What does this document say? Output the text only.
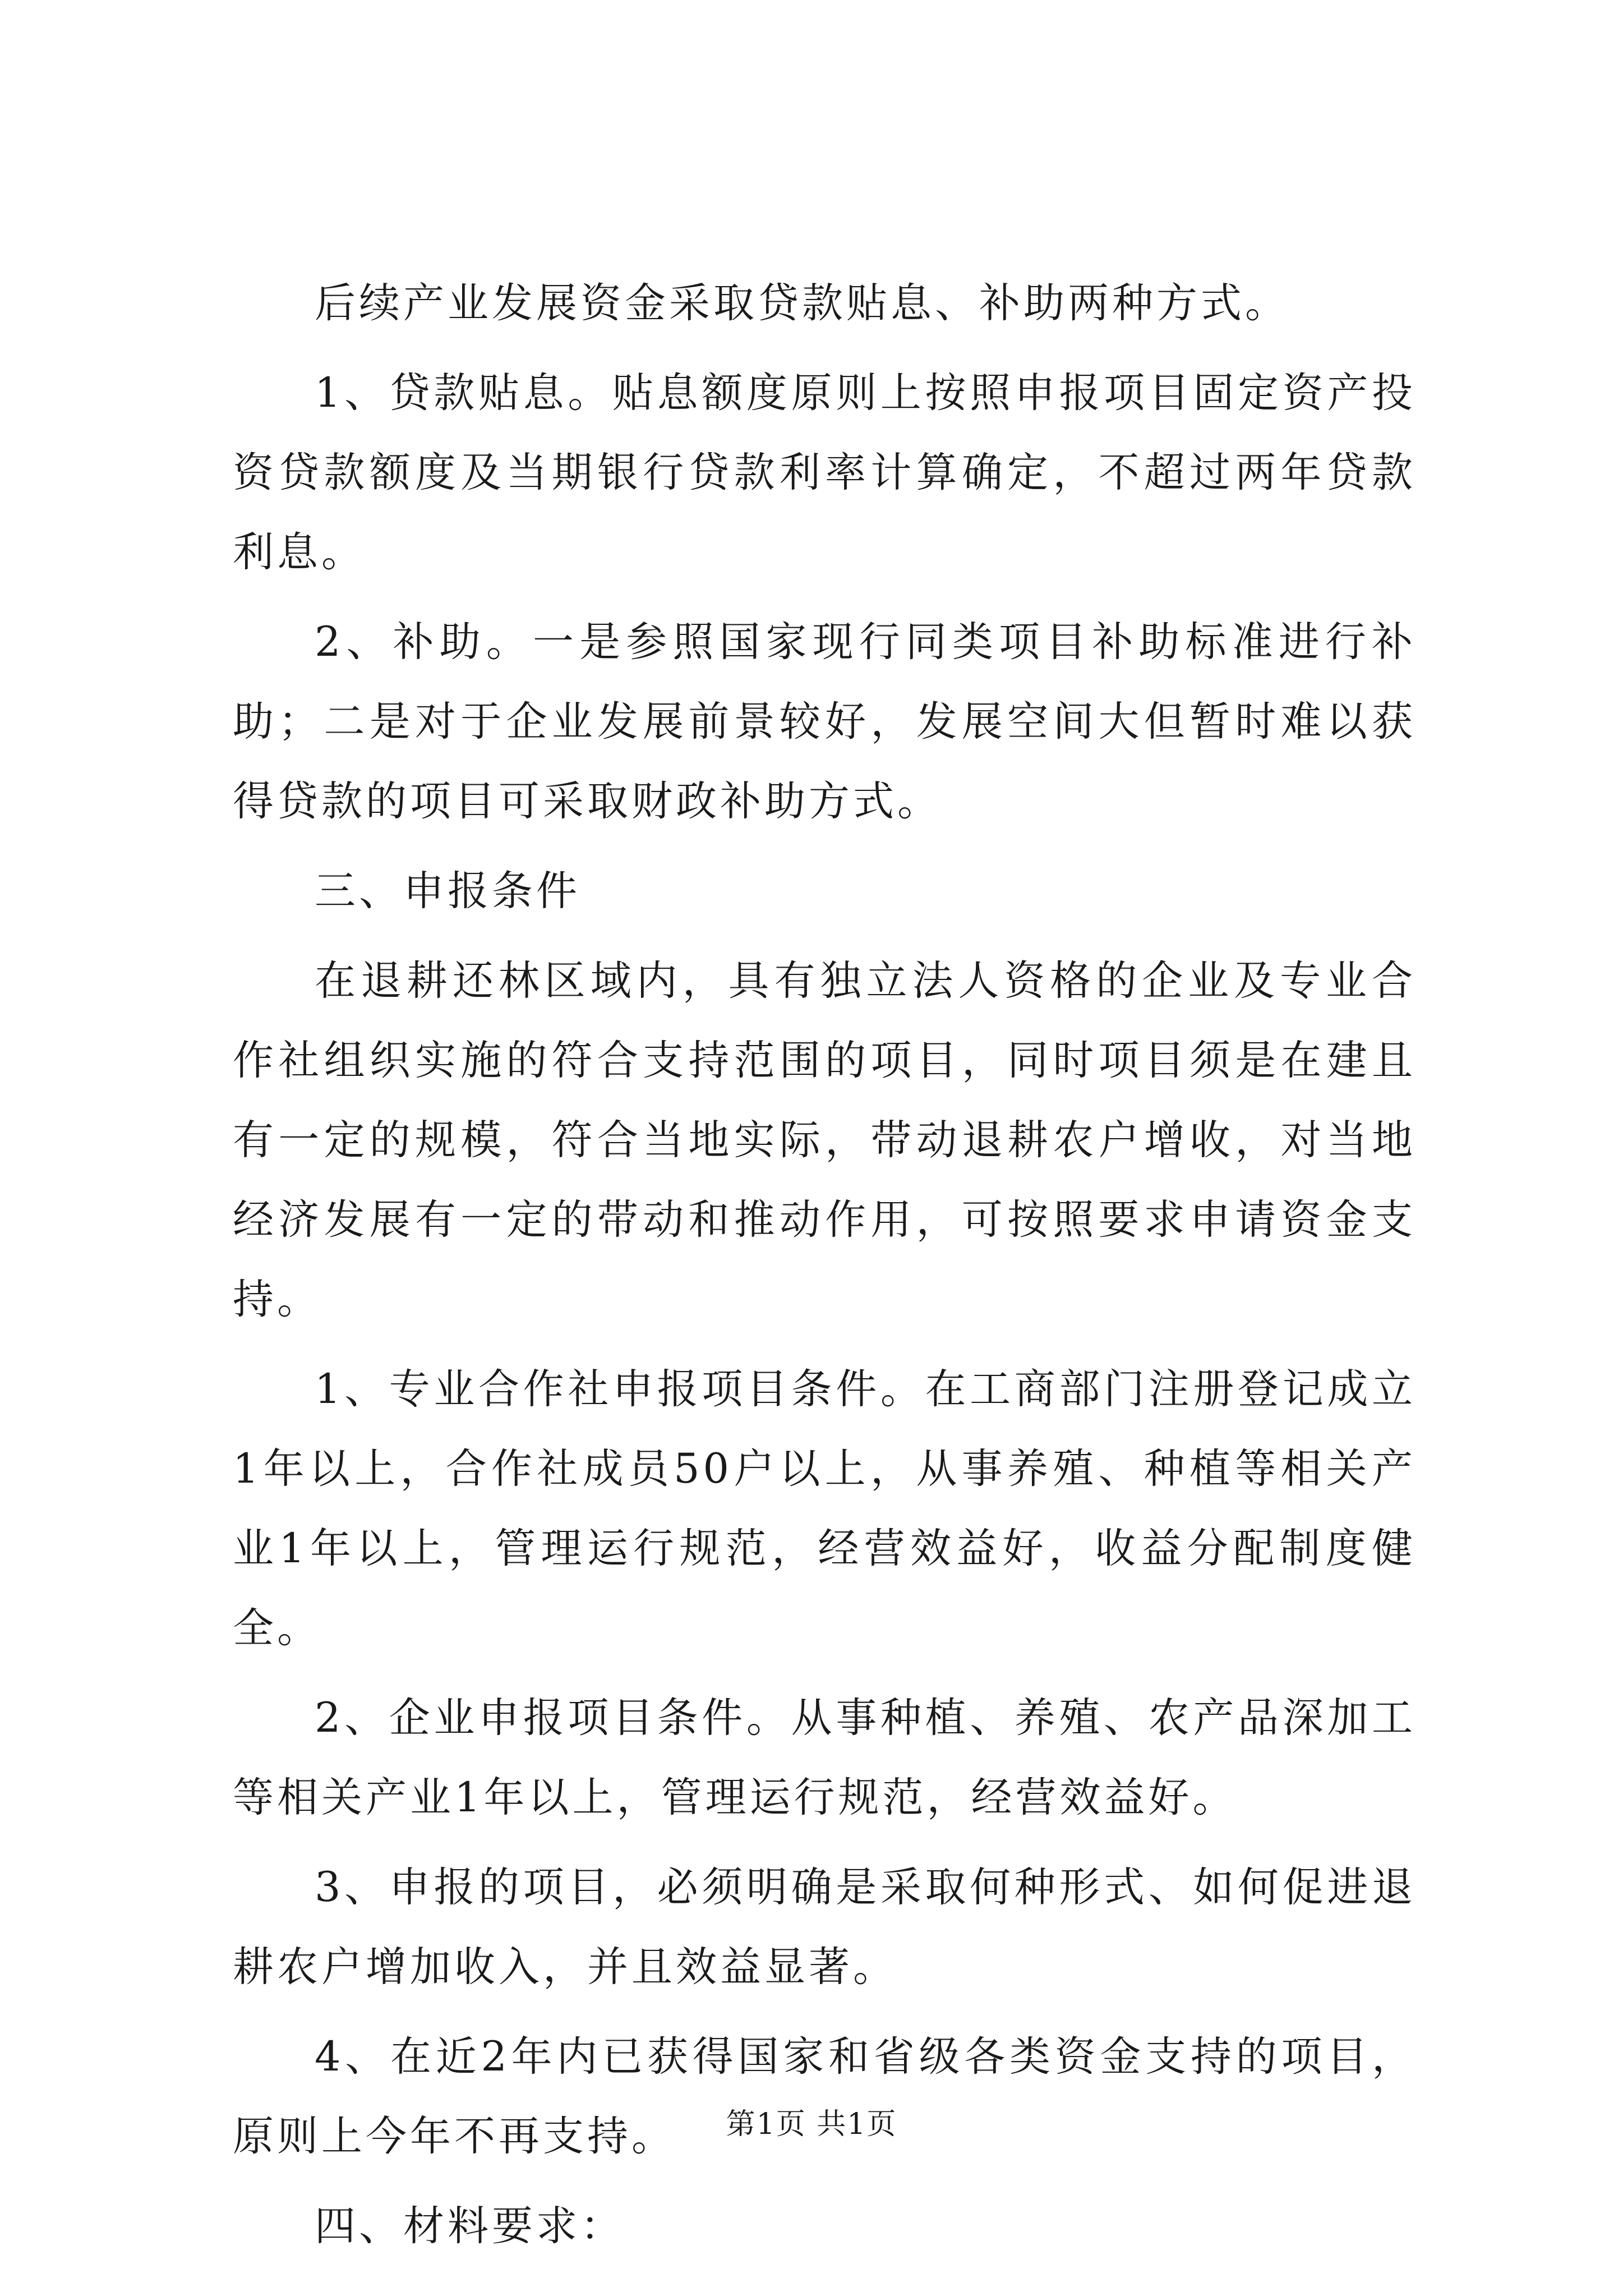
后续产业发展资金采取贷款贴息、补助两种方式。

1、贷款贴息。贴息额度原则上按照申报项目固定资产投资贷款额度及当期银行贷款利率计算确定，不超过两年贷款利息。

2、补助。一是参照国家现行同类项目补助标准进行补助；二是对于企业发展前景较好，发展空间大但暂时难以获得贷款的项目可采取财政补助方式。

三、申报条件

在退耕还林区域内，具有独立法人资格的企业及专业合作社组织实施的符合支持范围的项目，同时项目须是在建且有一定的规模，符合当地实际，带动退耕农户增收，对当地经济发展有一定的带动和推动作用，可按照要求申请资金支持。

1、专业合作社申报项目条件。在工商部门注册登记成立1年以上，合作社成员50户以上，从事养殖、种植等相关产业1年以上，管理运行规范，经营效益好，收益分配制度健全。

2、企业申报项目条件。从事种植、养殖、农产品深加工等相关产业1年以上，管理运行规范，经营效益好。

3、申报的项目，必须明确是采取何种形式、如何促进退耕农户增加收入，并且效益显著。

4、在近2年内已获得国家和省级各类资金支持的项目，原则上今年不再支持。

四、材料要求：

第1页 共1页
